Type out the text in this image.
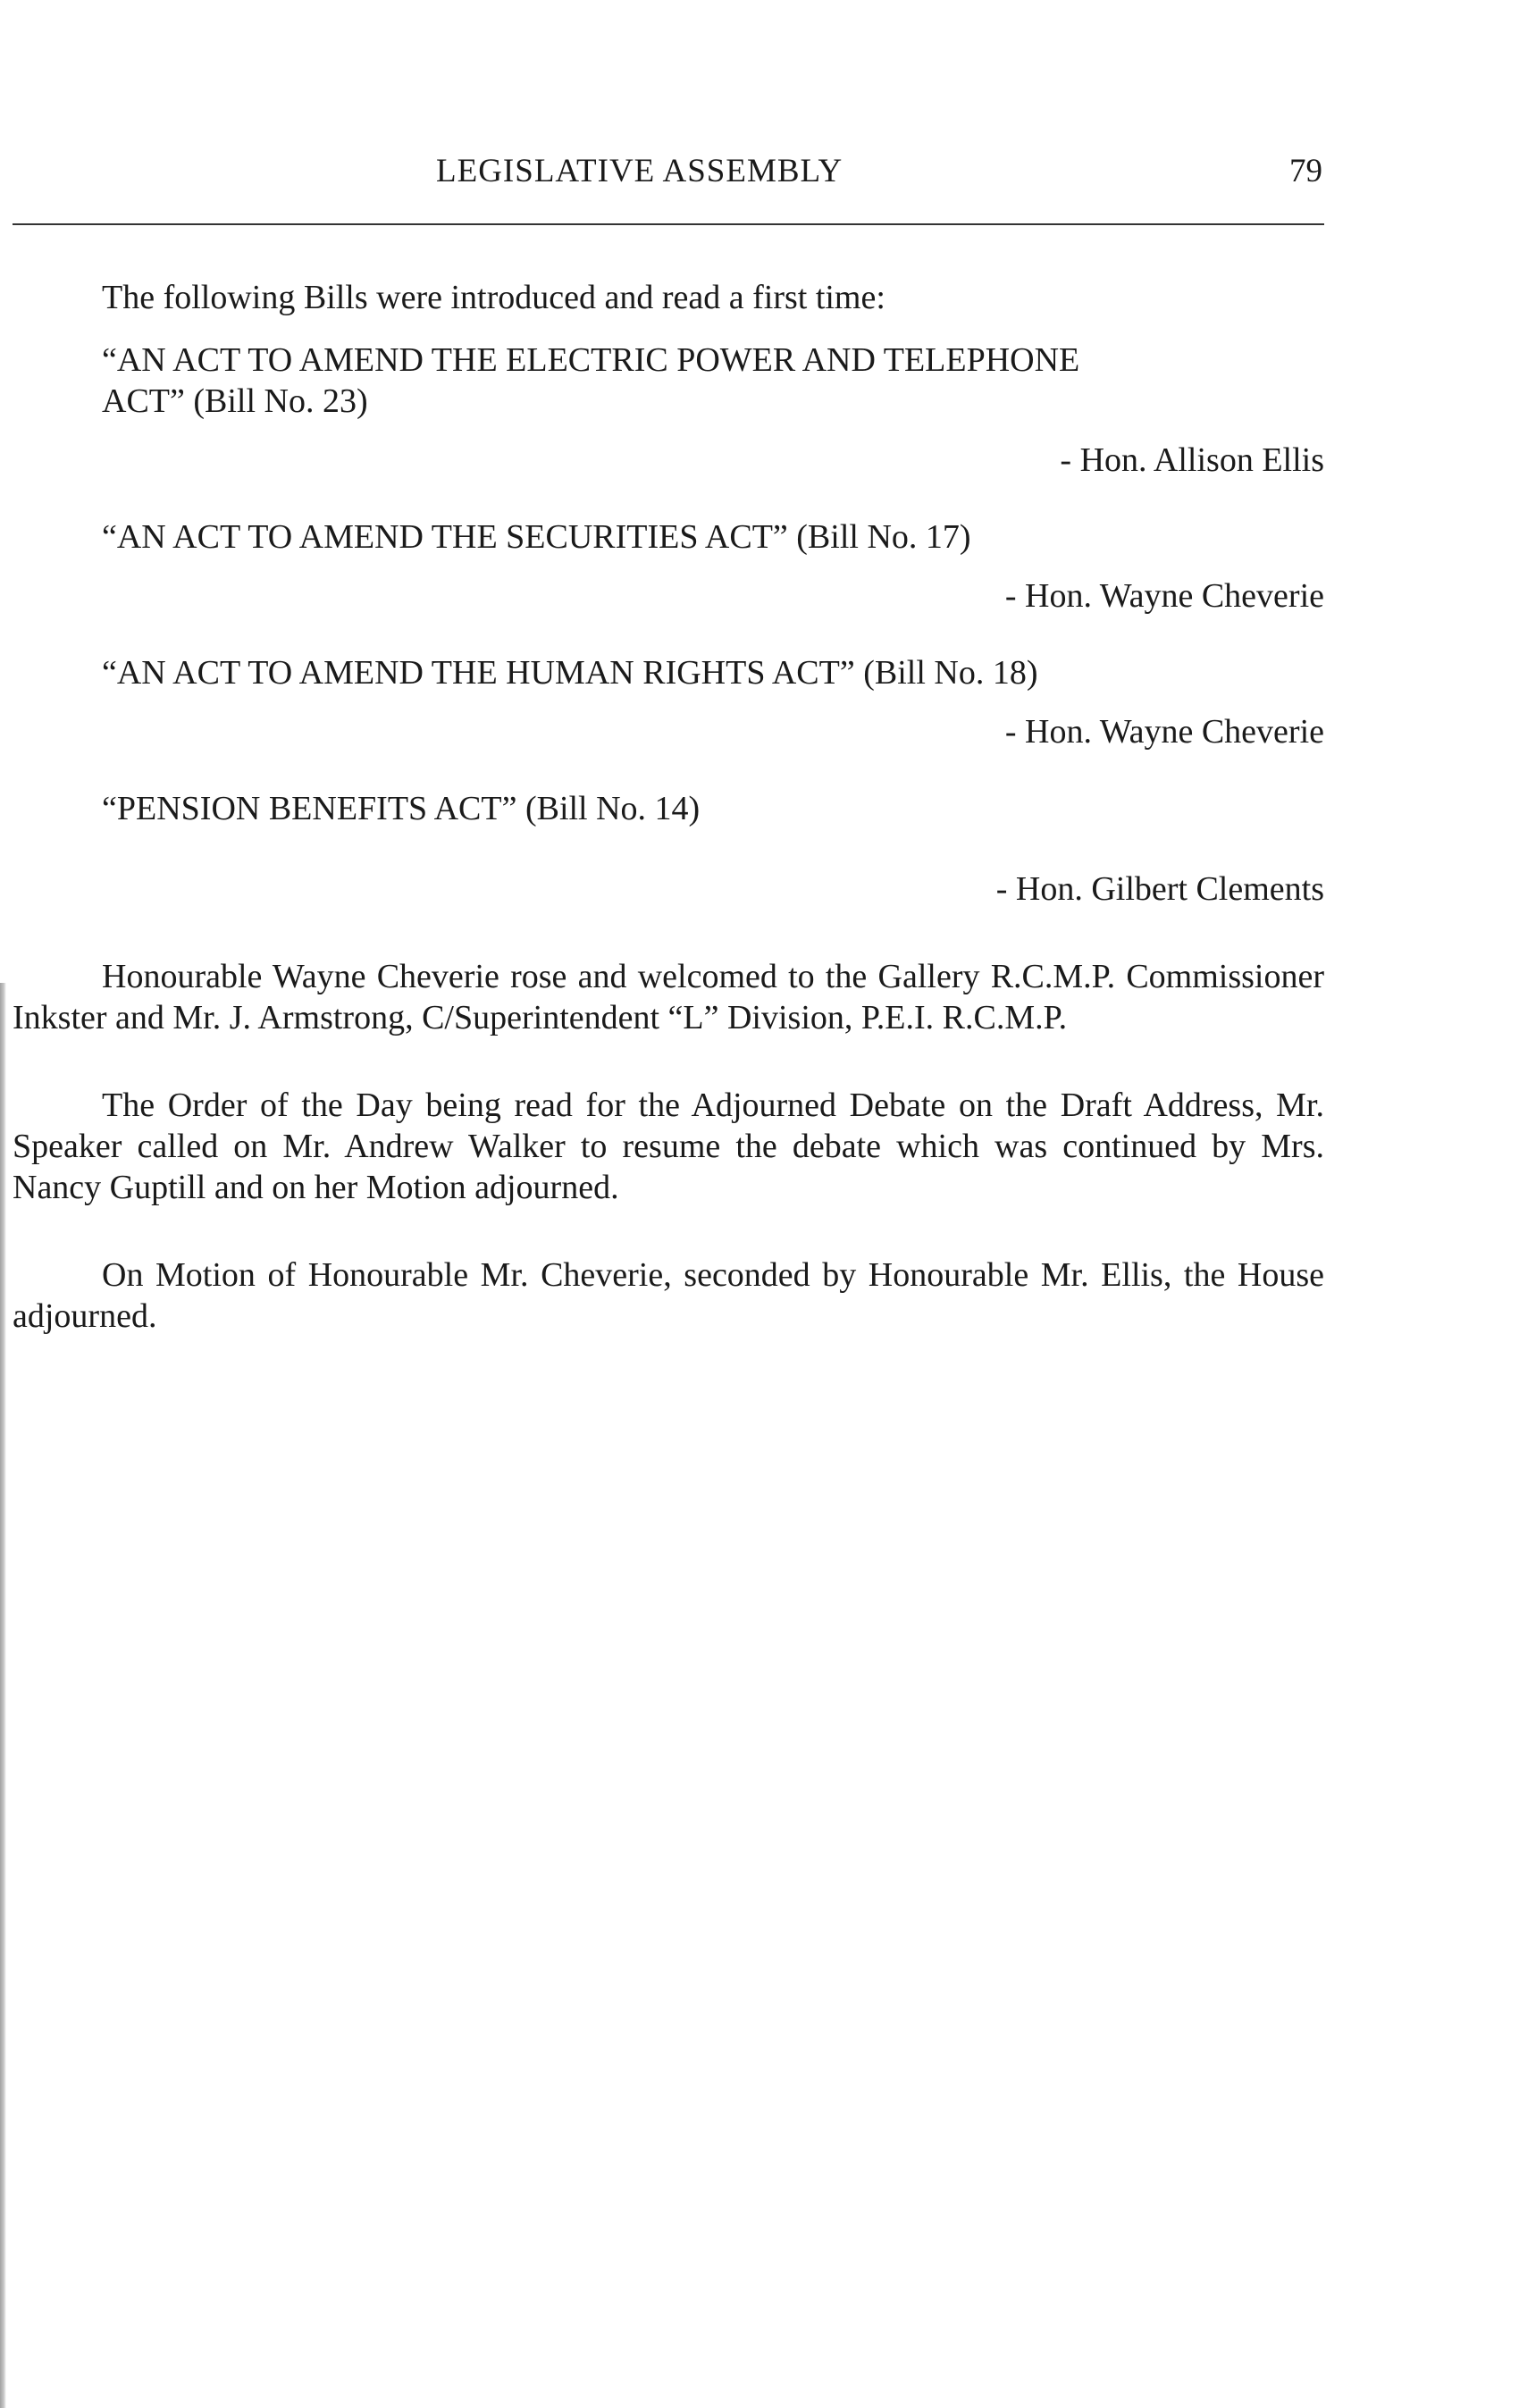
LEGISLATIVE ASSEMBLY	79

The following Bills were introduced and read a first time:

“AN ACT TO AMEND THE ELECTRIC POWER AND TELEPHONE
ACT” (Bill No. 23)

- Hon. Allison Ellis

“AN ACT TO AMEND THE SECURITIES ACT” (Bill No. 17)

- Hon. Wayne Cheverie

“AN ACT TO AMEND THE HUMAN RIGHTS ACT” (Bill No. 18)

- Hon. Wayne Cheverie

“PENSION BENEFITS ACT” (Bill No. 14)

- Hon. Gilbert Clements

Honourable Wayne Cheverie rose and welcomed to the Gallery R.C.M.P. Commissioner Inkster and Mr. J. Armstrong, C/Superintendent “L” Division, P.E.I. R.C.M.P.

The Order of the Day being read for the Adjourned Debate on the Draft Address, Mr. Speaker called on Mr. Andrew Walker to resume the debate which was continued by Mrs. Nancy Guptill and on her Motion adjourned.

On Motion of Honourable Mr. Cheverie, seconded by Honourable Mr. Ellis, the House adjourned.
